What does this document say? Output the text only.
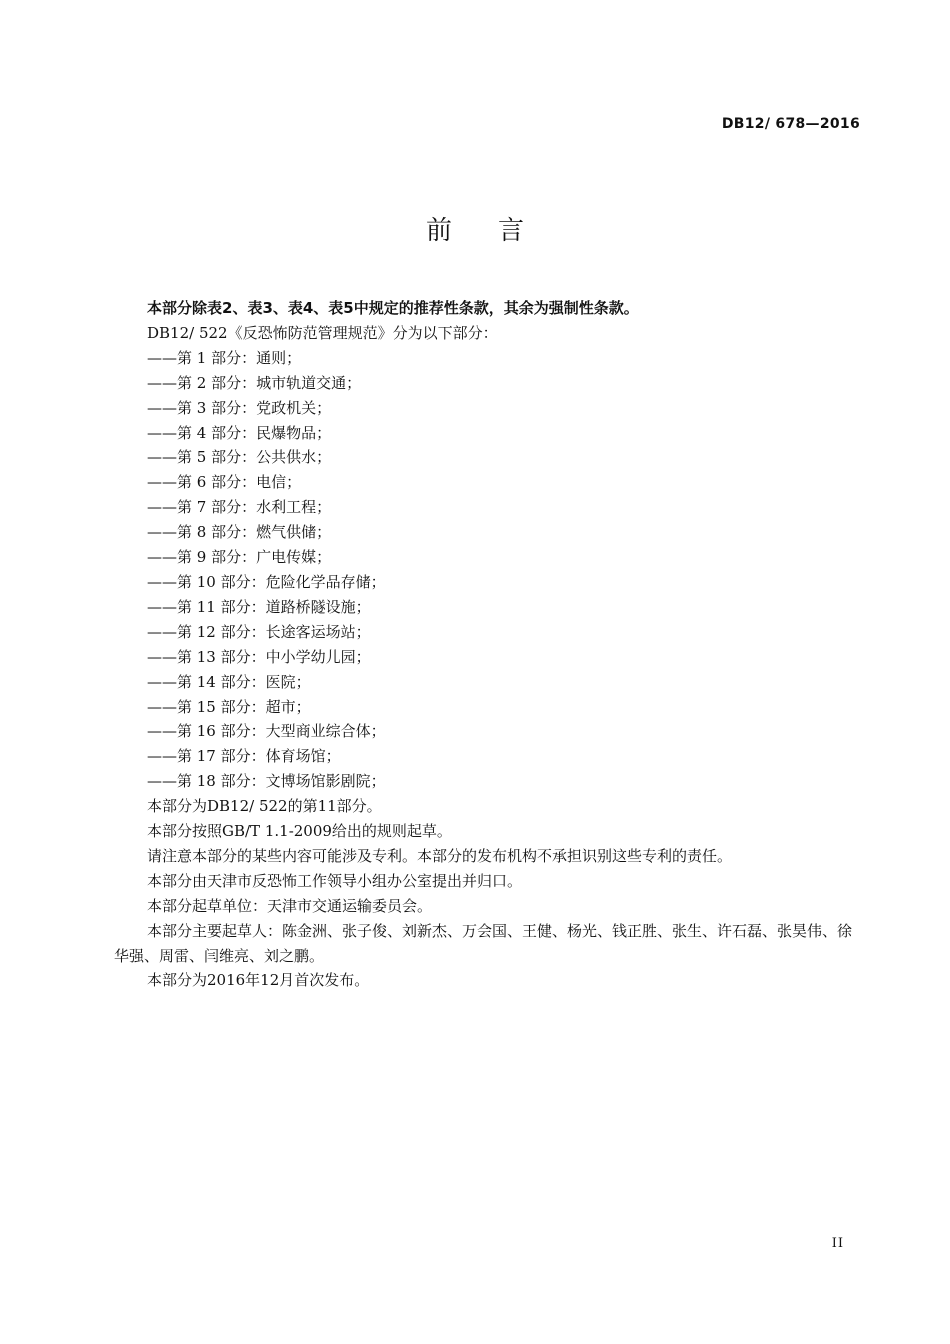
DB12/ 678—2016
前言

本部分除表2、表3、表4、表5中规定的推荐性条款，其余为强制性条款。

DB12/ 522《反恐怖防范管理规范》分为以下部分：

——第 1 部分：通则；

——第 2 部分：城市轨道交通；

——第 3 部分：党政机关；

——第 4 部分：民爆物品；

——第 5 部分：公共供水；

——第 6 部分：电信；

——第 7 部分：水利工程；

——第 8 部分：燃气供储；

——第 9 部分：广电传媒；

——第 10 部分：危险化学品存储；

——第 11 部分：道路桥隧设施；

——第 12 部分：长途客运场站；

——第 13 部分：中小学幼儿园；

——第 14 部分：医院；

——第 15 部分：超市；

——第 16 部分：大型商业综合体；

——第 17 部分：体育场馆；

——第 18 部分：文博场馆影剧院；

本部分为DB12/ 522的第11部分。

本部分按照GB/T 1.1-2009给出的规则起草。

请注意本部分的某些内容可能涉及专利。本部分的发布机构不承担识别这些专利的责任。

本部分由天津市反恐怖工作领导小组办公室提出并归口。

本部分起草单位：天津市交通运输委员会。

本部分主要起草人：陈金洲、张子俊、刘新杰、万会国、王健、杨光、钱正胜、张生、许石磊、张昊伟、徐华强、周雷、闫维亮、刘之鹏。

本部分为2016年12月首次发布。

II
